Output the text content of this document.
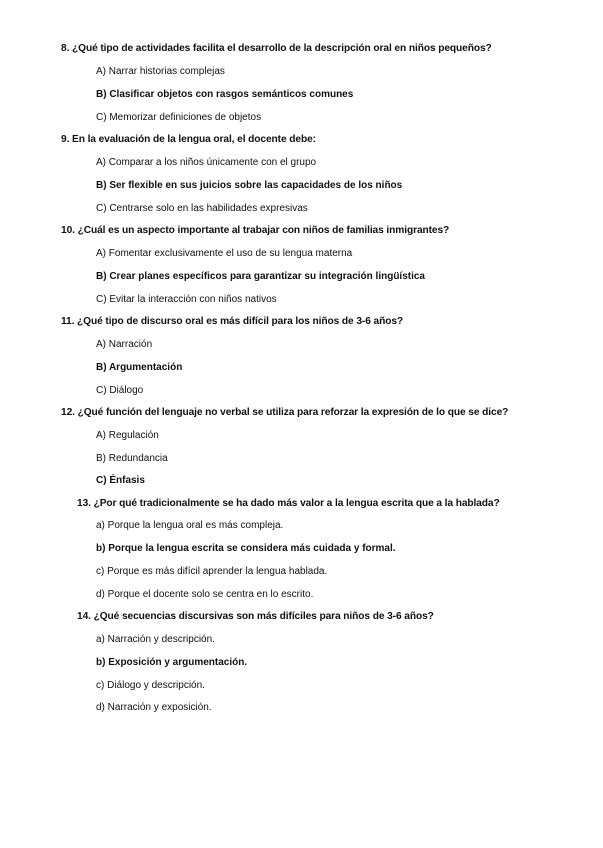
8. ¿Qué tipo de actividades facilita el desarrollo de la descripción oral en niños pequeños?
A) Narrar historias complejas
B) Clasificar objetos con rasgos semánticos comunes
C) Memorizar definiciones de objetos
9. En la evaluación de la lengua oral, el docente debe:
A) Comparar a los niños únicamente con el grupo
B) Ser flexible en sus juicios sobre las capacidades de los niños
C) Centrarse solo en las habilidades expresivas
10. ¿Cuál es un aspecto importante al trabajar con niños de familias inmigrantes?
A) Fomentar exclusivamente el uso de su lengua materna
B) Crear planes específicos para garantizar su integración lingüística
C) Evitar la interacción con niños nativos
11. ¿Qué tipo de discurso oral es más difícil para los niños de 3-6 años?
A) Narración
B) Argumentación
C) Diálogo
12. ¿Qué función del lenguaje no verbal se utiliza para reforzar la expresión de lo que se dice?
A) Regulación
B) Redundancia
C) Énfasis
13. ¿Por qué tradicionalmente se ha dado más valor a la lengua escrita que a la hablada?
a) Porque la lengua oral es más compleja.
b) Porque la lengua escrita se considera más cuidada y formal.
c) Porque es más difícil aprender la lengua hablada.
d) Porque el docente solo se centra en lo escrito.
14. ¿Qué secuencias discursivas son más difíciles para niños de 3-6 años?
a) Narración y descripción.
b) Exposición y argumentación.
c) Diálogo y descripción.
d) Narración y exposición.
